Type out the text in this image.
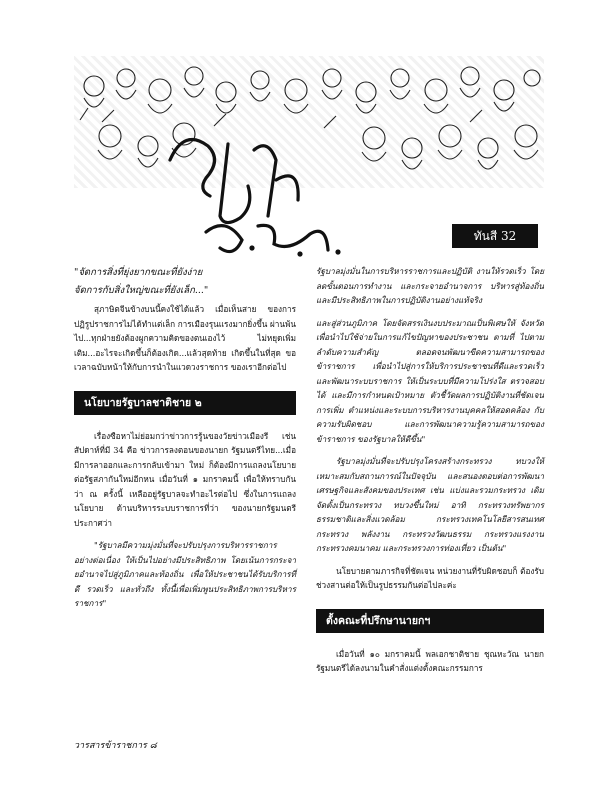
ทันสี 32
"จัดการสิ่งที่ยุ่งยากขณะที่ยังง่าย
จัดการกับสิ่งใหญ่ขณะที่ยังเล็ก..."

สุภาษิตจีนข้างบนนี้คงใช้ได้แล้ว เมื่อเห็นสาย ของการปฏิรูปราชการไม่ได้ทำแต่เล็ก การเมืองรุนแรงมากยิ่งขึ้น ผ่านพ้นไป...ทุกฝ่ายยังต้องผูกความคิดของตนเองไว้ ไม่หยุดเพิ่มเติม...อะไรจะเกิดขึ้นก็ต้องเกิด...แล้วสุดท้าย เกิดขึ้นในที่สุด ขอเวลาฉบับหน้าให้กับการนำในแวดวงราชการ ของเราอีกต่อไป

นโยบายรัฐบาลชาติชาย ๒

เรื่องซือหาไม่ย่อมกว่าข่าวการรู้นของวัยข่าวเมืองรี เช่น สัปดาห์ที่มี 34 คือ ข่าวการลงตอนของนายก รัฐมนตรีไทย...เมื่อมีการลาออกและการกลับเข้ามา ใหม่ ก็ต้องมีการแถลงนโยบายต่อรัฐสภากันใหม่อีกหน เมื่อวันที่ ๑ มกราคมนี้ เพื่อให้ทราบกันว่า ณ ครั้งนี้ เหลืออยู่รัฐบาลจะทำอะไรต่อไป ซึ่งในการแถลงนโยบาย ด้านบริหารระบบราชการที่ว่า ของนายกรัฐมนตรีประกาศว่า

"รัฐบาลมีความมุ่งมั่นที่จะปรับปรุงการบริหารราชการ อย่างต่อเนื่อง ให้เป็นไปอย่างมีประสิทธิภาพ โดยเน้นการกระจายอำนาจไปสู่ภูมิภาคและท้องถิ่น เพื่อให้ประชาชนได้รับบริการที่ดี รวดเร็ว และทั่วถึง ทั้งนี้เพื่อเพิ่มพูนประสิทธิภาพการบริหารราชการ"

รัฐบาลมุ่งมั่นในการบริหารราชการและปฏิบัติ งานให้รวดเร็ว โดยลดขั้นตอนการทำงาน และกระจายอำนาจการ บริหารสู่ท้องถิ่น และมีประสิทธิภาพในการปฏิบัติงานอย่างแท้จริง

และสู่ส่วนภูมิภาค โดยจัดสรรเงินงบประมาณเป็นพิเศษให้ จังหวัด เพื่อนำไปใช้จ่ายในการแก้ไขปัญหาของประชาชน ตามที่ ไปตามลำดับความสำคัญ ตลอดจนพัฒนาขีดความสามารถของข้าราชการ เพื่อนำไปสู่การให้บริการประชาชนที่ดีและรวดเร็ว และพัฒนาระบบราชการ ให้เป็นระบบที่มีความโปร่งใส ตรวจสอบได้ และมีการกำหนดเป้าหมาย ตัวชี้วัดผลการปฏิบัติงานที่ชัดเจน การเพิ่ม ตำแหน่งและระบบการบริหารงานบุคคลให้สอดคล้อง กับความรับผิดชอบ และการพัฒนาความรู้ความสามารถของข้าราชการ ของรัฐบาลให้ดีขึ้น"

รัฐบาลมุ่งมั่นที่จะปรับปรุงโครงสร้างกระทรวง ทบวงให้ เหมาะสมกับสถานการณ์ในปัจจุบัน และสนองตอบต่อการพัฒนา เศรษฐกิจและสังคมของประเทศ เช่น แบ่งและรวมกระทรวง เดิม จัดตั้งเป็นกระทรวง ทบวงขึ้นใหม่ อาทิ กระทรวงทรัพยากร ธรรมชาติและสิ่งแวดล้อม กระทรวงเทคโนโลยีสารสนเทศ กระทรวง พลังงาน กระทรวงวัฒนธรรม กระทรวงแรงงาน กระทรวงคมนาคม และกระทรวงการท่องเที่ยว เป็นต้น"

นโยบายตามภารกิจที่ชัดเจน หน่วยงานที่รับผิดชอบก็ ต้องรับช่วงสานต่อให้เป็นรูปธรรมกันต่อไปละค่ะ

ตั้งคณะที่ปรึกษานายกฯ

เมื่อวันที่ ๑๐ มกราคมนี้ พลเอกชาติชาย ชุณหะวัณ นายกรัฐมนตรีได้ลงนามในคำสั่งแต่งตั้งคณะกรรมการ

วารสารข้าราชการ ๘
